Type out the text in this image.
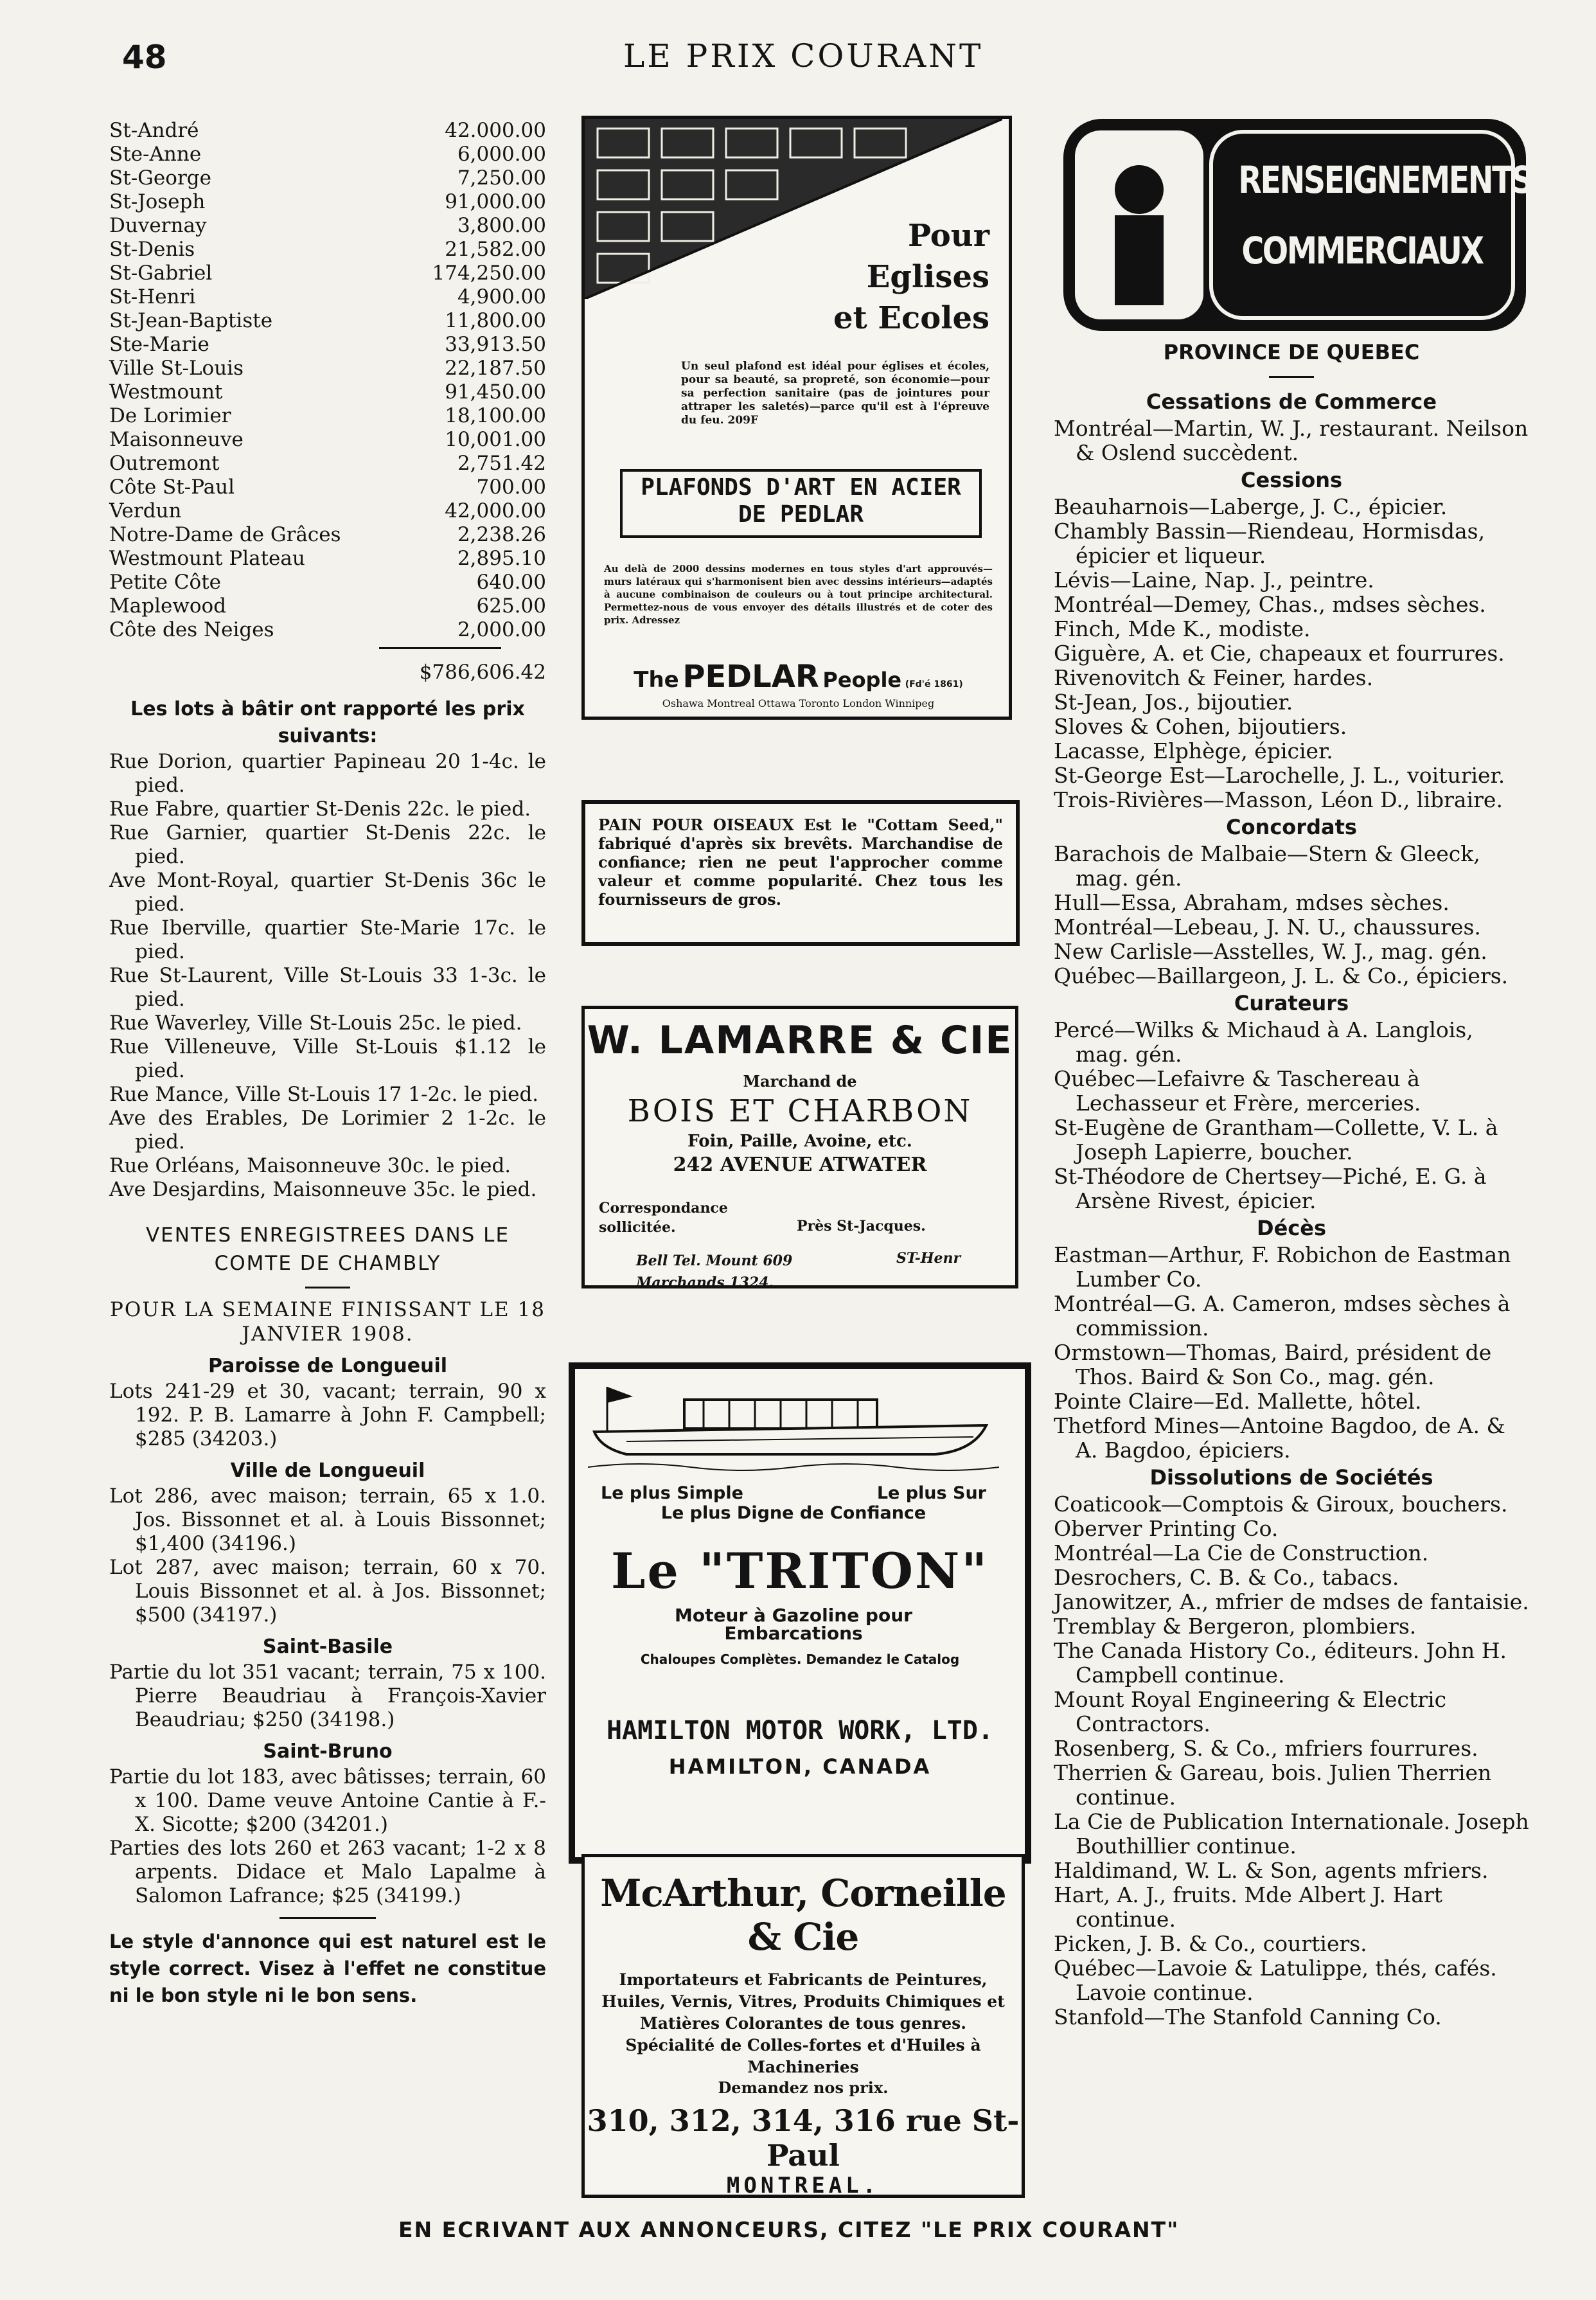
48	LE PRIX COURANT
St-André	42.000.00
Ste-Anne	6,000.00
St-George	7,250.00
St-Joseph	91,000.00
Duvernay	3,800.00
St-Denis	21,582.00
St-Gabriel	174,250.00
St-Henri	4,900.00
St-Jean-Baptiste	11,800.00
Ste-Marie	33,913.50
Ville St-Louis	22,187.50
Westmount	91,450.00
De Lorimier	18,100.00
Maisonneuve	10,001.00
Outremont	2,751.42
Côte St-Paul	700.00
Verdun	42,000.00
Notre-Dame de Grâces	2,238.26
Westmount Plateau	2,895.10
Petite Côte	640.00
Maplewood	625.00
Côte des Neiges	2,000.00
$786,606.42
Les lots à bâtir ont rapporté les prix suivants:

Rue Dorion, quartier Papineau 20 1-4c. le pied.

Rue Fabre, quartier St-Denis 22c. le pied.

Rue Garnier, quartier St-Denis 22c. le pied.

Ave Mont-Royal, quartier St-Denis 36c le pied.

Rue Iberville, quartier Ste-Marie 17c. le pied.

Rue St-Laurent, Ville St-Louis 33 1-3c. le pied.

Rue Waverley, Ville St-Louis 25c. le pied.

Rue Villeneuve, Ville St-Louis $1.12 le pied.

Rue Mance, Ville St-Louis 17 1-2c. le pied.

Ave des Erables, De Lorimier 2 1-2c. le pied.

Rue Orléans, Maisonneuve 30c. le pied.

Ave Desjardins, Maisonneuve 35c. le pied.

VENTES ENREGISTREES DANS LE COMTE DE CHAMBLY
POUR LA SEMAINE FINISSANT LE 18 JANVIER 1908.
Paroisse de Longueuil

Lots 241-29 et 30, vacant; terrain, 90 x 192. P. B. Lamarre à John F. Campbell; $285 (34203.)

Ville de Longueuil

Lot 286, avec maison; terrain, 65 x 1.0. Jos. Bissonnet et al. à Louis Bissonnet; $1,400 (34196.)

Lot 287, avec maison; terrain, 60 x 70. Louis Bissonnet et al. à Jos. Bissonnet; $500 (34197.)

Saint-Basile

Partie du lot 351 vacant; terrain, 75 x 100. Pierre Beaudriau à François-Xavier Beaudriau; $250 (34198.)

Saint-Bruno

Partie du lot 183, avec bâtisses; terrain, 60 x 100. Dame veuve Antoine Cantie à F.-X. Sicotte; $200 (34201.)

Parties des lots 260 et 263 vacant; 1-2 x 8 arpents. Didace et Malo Lapalme à Salomon Lafrance; $25 (34199.)

Le style d'annonce qui est naturel est le style correct. Visez à l'effet ne constitue ni le bon style ni le bon sens.
Pour
Eglises
et Ecoles
Un seul plafond est idéal pour églises et écoles, pour sa beauté, sa propreté, son économie—pour sa perfection sanitaire (pas de jointures pour attraper les saletés)—parce qu'il est à l'épreuve du feu. 209F
PLAFONDS D'ART EN ACIER DE PEDLAR
Au delà de 2000 dessins modernes en tous styles d'art approuvés—murs latéraux qui s'harmonisent bien avec dessins intérieurs—adaptés à aucune combinaison de couleurs ou à tout principe architectural. Permettez-nous de vous envoyer des détails illustrés et de coter des prix. Adressez
The PEDLAR People (Fd'é 1861)
Oshawa Montreal Ottawa Toronto London Winnipeg
PAIN POUR OISEAUX Est le "Cottam Seed," fabriqué d'après six brevêts. Marchandise de confiance; rien ne peut l'approcher comme valeur et comme popularité. Chez tous les fournisseurs de gros.
W. LAMARRE & CIE
Marchand de
BOIS ET CHARBON
Foin, Paille, Avoine, etc.
242 AVENUE ATWATER
Correspondance
sollicitée.	Près St-Jacques.
Bell Tel. Mount 609
Marchands 1324.
ST-Henr
Le plus Simple	Le plus Sur
Le plus Digne de Confiance
Le "TRITON"
Moteur à Gazoline pour Embarcations
Chaloupes Complètes. Demandez le Catalog
HAMILTON MOTOR WORK, LTD.
HAMILTON, CANADA
McArthur, Corneille & Cie
Importateurs et Fabricants de Peintures, Huiles, Vernis, Vitres, Produits Chimiques et Matières Colorantes de tous genres. Spécialité de Colles-fortes et d'Huiles à Machineries
Demandez nos prix.
310, 312, 314, 316 rue St-Paul
MONTREAL.
RENSEIGNEMENTS
COMMERCIAUX
PROVINCE DE QUEBEC
Cessations de Commerce

Montréal—Martin, W. J., restaurant. Neilson & Oslend succèdent.

Cessions

Beauharnois—Laberge, J. C., épicier.

Chambly Bassin—Riendeau, Hormisdas, épicier et liqueur.

Lévis—Laine, Nap. J., peintre.

Montréal—Demey, Chas., mdses sèches.

Finch, Mde K., modiste.

Giguère, A. et Cie, chapeaux et fourrures.

Rivenovitch & Feiner, hardes.

St-Jean, Jos., bijoutier.

Sloves & Cohen, bijoutiers.

Lacasse, Elphège, épicier.

St-George Est—Larochelle, J. L., voiturier.

Trois-Rivières—Masson, Léon D., libraire.

Concordats

Barachois de Malbaie—Stern & Gleeck, mag. gén.

Hull—Essa, Abraham, mdses sèches.

Montréal—Lebeau, J. N. U., chaussures.

New Carlisle—Asstelles, W. J., mag. gén.

Québec—Baillargeon, J. L. & Co., épiciers.

Curateurs

Percé—Wilks & Michaud à A. Langlois, mag. gén.

Québec—Lefaivre & Taschereau à Lechasseur et Frère, merceries.

St-Eugène de Grantham—Collette, V. L. à Joseph Lapierre, boucher.

St-Théodore de Chertsey—Piché, E. G. à Arsène Rivest, épicier.

Décès

Eastman—Arthur, F. Robichon de Eastman Lumber Co.

Montréal—G. A. Cameron, mdses sèches à commission.

Ormstown—Thomas, Baird, président de Thos. Baird & Son Co., mag. gén.

Pointe Claire—Ed. Mallette, hôtel.

Thetford Mines—Antoine Bagdoo, de A. & A. Bagdoo, épiciers.

Dissolutions de Sociétés

Coaticook—Comptois & Giroux, bouchers.

Oberver Printing Co.

Montréal—La Cie de Construction.

Desrochers, C. B. & Co., tabacs.

Janowitzer, A., mfrier de mdses de fantaisie.

Tremblay & Bergeron, plombiers.

The Canada History Co., éditeurs. John H. Campbell continue.

Mount Royal Engineering & Electric Contractors.

Rosenberg, S. & Co., mfriers fourrures.

Therrien & Gareau, bois. Julien Therrien continue.

La Cie de Publication Internationale. Joseph Bouthillier continue.

Haldimand, W. L. & Son, agents mfriers.

Hart, A. J., fruits. Mde Albert J. Hart continue.

Picken, J. B. & Co., courtiers.

Québec—Lavoie & Latulippe, thés, cafés. Lavoie continue.

Stanfold—The Stanfold Canning Co.

EN ECRIVANT AUX ANNONCEURS, CITEZ "LE PRIX COURANT"
